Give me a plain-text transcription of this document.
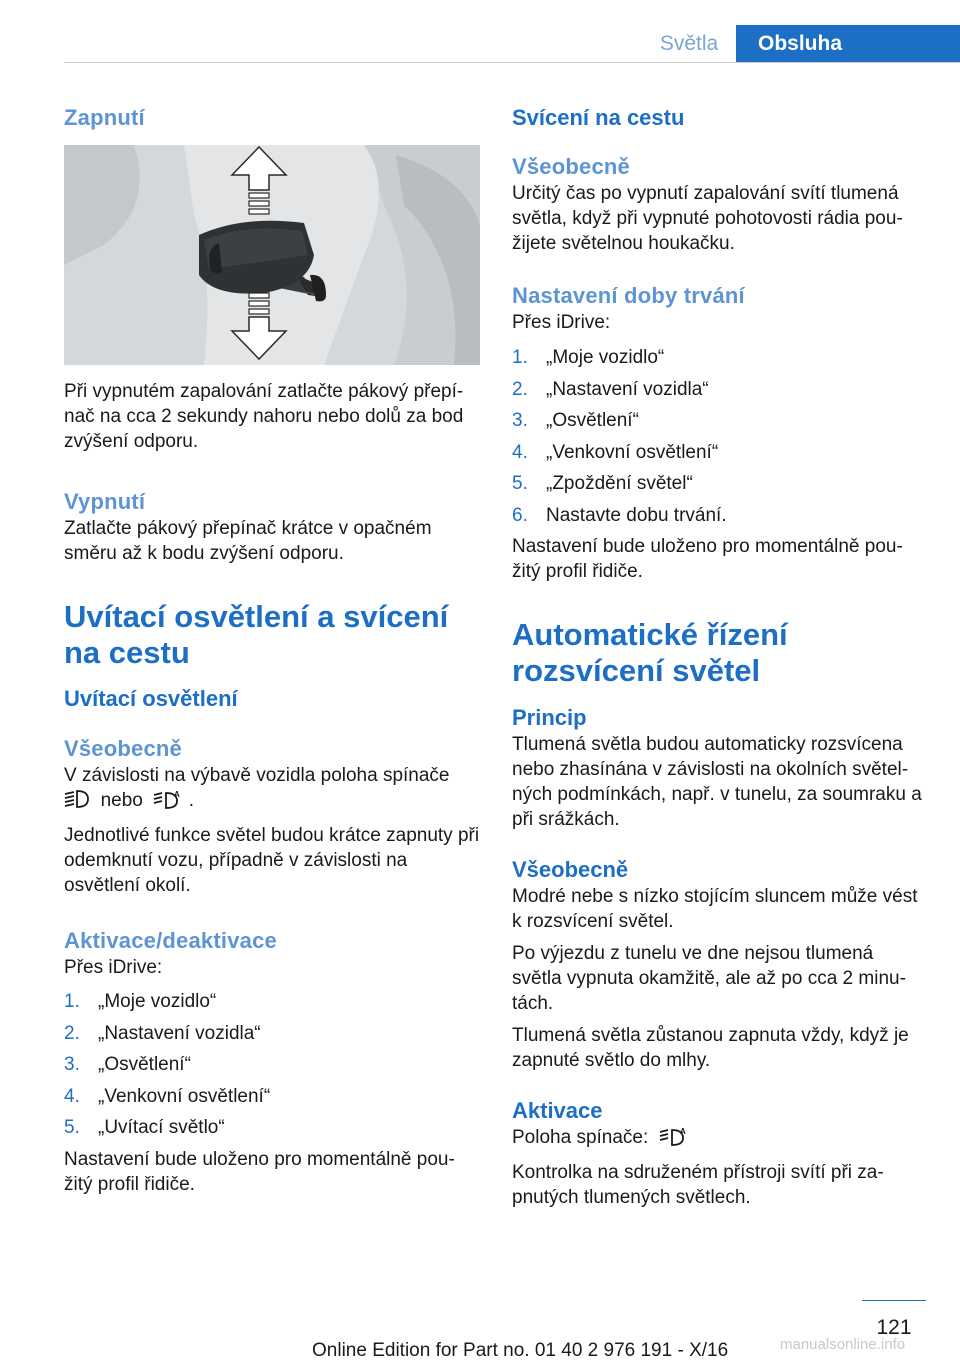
Světla	Obsluha
Zapnutí

Při vypnutém zapalování zatlačte pákový přepí‐nač na cca 2 sekundy nahoru nebo dolů za bod zvýšení odporu.

Vypnutí

Zatlačte pákový přepínač krátce v opačném směru až k bodu zvýšení odporu.

Uvítací osvětlení a svícení na cestu
Uvítací osvětlení
Všeobecně

V závislosti na výbavě vozidla poloha spínače
nebo	A .

Jednotlivé funkce světel budou krátce zapnuty při odemknutí vozu, případně v závislosti na osvětlení okolí.

Aktivace/deaktivace

Přes iDrive:

1. „Moje vozidlo“
2. „Nastavení vozidla“
3. „Osvětlení“
4. „Venkovní osvětlení“
5. „Uvítací světlo“

Nastavení bude uloženo pro momentálně pou‐žitý profil řidiče.

Svícení na cestu
Všeobecně

Určitý čas po vypnutí zapalování svítí tlumená světla, když při vypnuté pohotovosti rádia pou‐žijete světelnou houkačku.

Nastavení doby trvání

Přes iDrive:

1. „Moje vozidlo“
2. „Nastavení vozidla“
3. „Osvětlení“
4. „Venkovní osvětlení“
5. „Zpoždění světel“
6. Nastavte dobu trvání.

Nastavení bude uloženo pro momentálně pou‐žitý profil řidiče.

Automatické řízení rozsvícení světel
Princip

Tlumená světla budou automaticky rozsvícena nebo zhasínána v závislosti na okolních světel‐ných podmínkách, např. v tunelu, za soumraku a při srážkách.

Všeobecně

Modré nebe s nízko stojícím sluncem může vést k rozsvícení světel.

Po výjezdu z tunelu ve dne nejsou tlumená světla vypnuta okamžitě, ale až po cca 2 minu‐tách.

Tlumená světla zůstanou zapnuta vždy, když je zapnuté světlo do mlhy.

Aktivace

Poloha spínače:	A

Kontrolka na sdruženém přístroji svítí při za‐pnutých tlumených světlech.

121
Online Edition for Part no. 01 40 2 976 191 - X/16	manualsonline.info
